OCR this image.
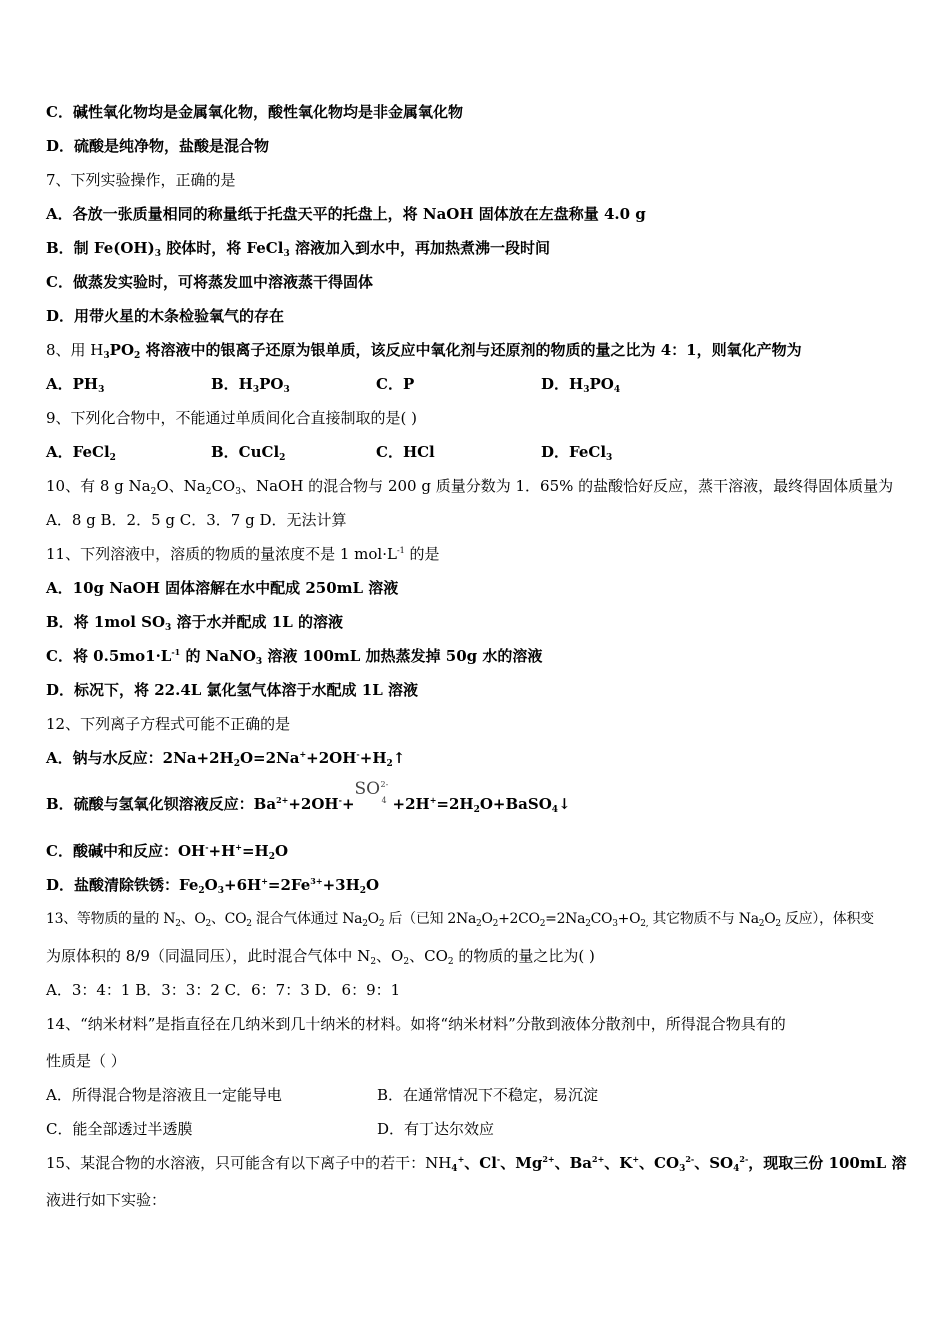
C．碱性氧化物均是金属氧化物，酸性氧化物均是非金属氧化物
D．硫酸是纯净物，盐酸是混合物
7、下列实验操作，正确的是
A．各放一张质量相同的称量纸于托盘天平的托盘上，将 NaOH 固体放在左盘称量 4.0 g
B．制 $Fe(OH)_3$ 胶体时，将 FeCl$_3$ 溶液加入到水中，再加热煮沸一段时间
C．做蒸发实验时，可将蒸发皿中溶液蒸干得固体
D．用带火星的木条检验氧气的存在
8、用 $H_3PO_2$ 将溶液中的银离子还原为银单质，该反应中氧化剂与还原剂的物质的量之比为 4：1，则氧化产物为
A．$PH_3$	B．$H_3PO_3$	C．P	D．$H_3PO_4$
9、下列化合物中，不能通过单质间化合直接制取的是( )
A．FeCl$_2$	B．CuCl$_2$	C．HCl	D．FeCl$_3$
10、有 8 g $Na_2O$、$Na_2CO_3$、NaOH 的混合物与 200 g 质量分数为 1．65% 的盐酸恰好反应，蒸干溶液，最终得固体质量为
A．8 g B．2．5 g C．3．7 g D．无法计算
11、下列溶液中，溶质的物质的量浓度不是 1 $mol\cdot L^{-1}$ 的是
A．10g NaOH 固体溶解在水中配成 250mL 溶液
B．将 1mol $SO_3$ 溶于水并配成 1L 的溶液
C．将 $0.5mo1\cdot L^{-1}$ 的 NaNO$_3$ 溶液 100mL 加热蒸发掉 50g 水的溶液
D．标况下，将 22.4L 氯化氢气体溶于水配成 1L 溶液
12、下列离子方程式可能不正确的是
A．钠与水反应：$2Na+2H_2O=2Na^++2OH^-+H_2↑$
B．硫酸与氢氧化钡溶液反应：$Ba^{2+}+2OH^-+$
SO 2-
$4 +2H^+=2H_2O+BaSO_4↓$
C．酸碱中和反应：$OH^-+H^+=H_2O$
D．盐酸清除铁锈：$Fe_2O_3+6H^+=2Fe^{3+}+3H_2O$
13、等物质的量的 $N_2$、$O_2$、$CO_2$ 混合气体通过 $Na_2O_2$ 后（已知 $2Na_2O_2+2CO_2=2Na_2CO_3+O_{2,}$ 其它物质不与 $Na_2O_2$ 反应），体积变
为原体积的 8/9（同温同压），此时混合气体中 $N_2$、$O_2$、$CO_2$ 的物质的量之比为( )
A．3：4：1 B．3：3：2 C．6：7：3 D．6：9：1
14、“纳米材料”是指直径在几纳米到几十纳米的材料。如将“纳米材料”分散到液体分散剂中，所得混合物具有的
性质是（ ）
A．所得混合物是溶液且一定能导电	B．在通常情况下不稳定，易沉淀
C．能全部透过半透膜	D．有丁达尔效应
15、某混合物的水溶液，只可能含有以下离子中的若干：$NH_4^+$、Cl-、$Mg^{2+}$、$Ba^{2+}$、K+、$CO_3^{2-}$、$SO_4^{2-}$，现取三份 100mL 溶
液进行如下实验：
